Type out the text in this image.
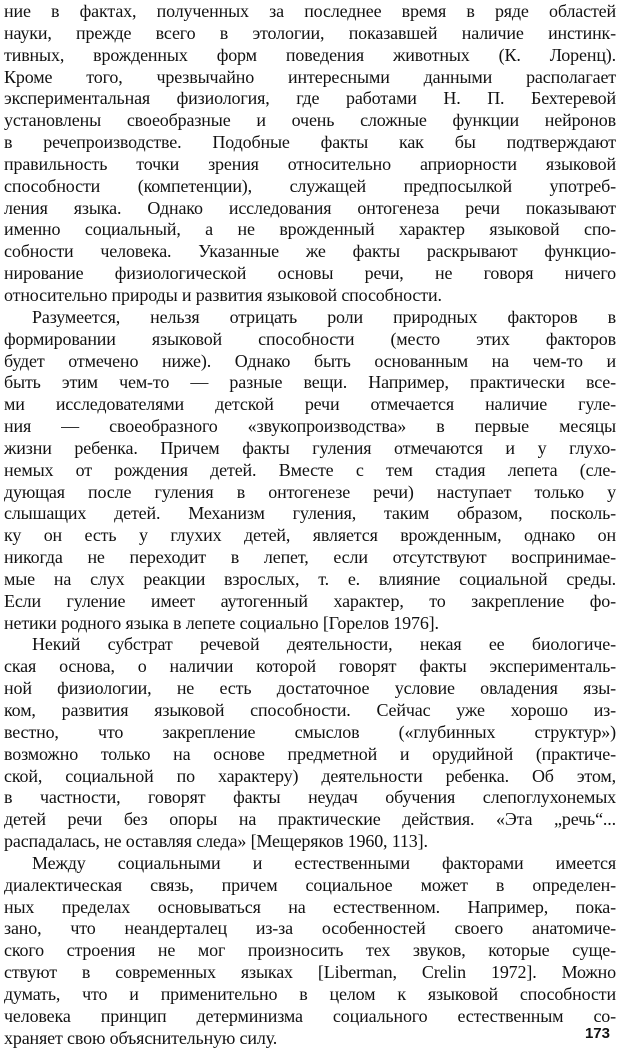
ние в фактах, полученных за последнее время в ряде областей
науки, прежде всего в этологии, показавшей наличие инстинк-
тивных, врожденных форм поведения животных (К. Лоренц).
Кроме того, чрезвычайно интересными данными располагает
экспериментальная физиология, где работами Н. П. Бехтеревой
установлены своеобразные и очень сложные функции нейронов
в речепроизводстве. Подобные факты как бы подтверждают
правильность точки зрения относительно априорности языковой
способности (компетенции), служащей предпосылкой употреб-
ления языка. Однако исследования онтогенеза речи показывают
именно социальный, а не врожденный характер языковой спо-
собности человека. Указанные же факты раскрывают функцио-
нирование физиологической основы речи, не говоря ничего
относительно природы и развития языковой способности.
Разумеется, нельзя отрицать роли природных факторов в
формировании языковой способности (место этих факторов
будет отмечено ниже). Однако быть основанным на чем-то и
быть этим чем-то — разные вещи. Например, практически все-
ми исследователями детской речи отмечается наличие гуле-
ния — своеобразного «звукопроизводства» в первые месяцы
жизни ребенка. Причем факты гуления отмечаются и у глухо-
немых от рождения детей. Вместе с тем стадия лепета (сле-
дующая после гуления в онтогенезе речи) наступает только у
слышащих детей. Механизм гуления, таким образом, посколь-
ку он есть у глухих детей, является врожденным, однако он
никогда не переходит в лепет, если отсутствуют воспринимае-
мые на слух реакции взрослых, т. е. влияние социальной среды.
Если гуление имеет аутогенный характер, то закрепление фо-
нетики родного языка в лепете социально [Горелов 1976].
Некий субстрат речевой деятельности, некая ее биологиче-
ская основа, о наличии которой говорят факты эксперименталь-
ной физиологии, не есть достаточное условие овладения язы-
ком, развития языковой способности. Сейчас уже хорошо из-
вестно, что закрепление смыслов («глубинных структур»)
возможно только на основе предметной и орудийной (практиче-
ской, социальной по характеру) деятельности ребенка. Об этом,
в частности, говорят факты неудач обучения слепоглухонемых
детей речи без опоры на практические действия. «Эта „речь“...
распадалась, не оставляя следа» [Мещеряков 1960, 113].
Между социальными и естественными факторами имеется
диалектическая связь, причем социальное может в определен-
ных пределах основываться на естественном. Например, пока-
зано, что неандерталец из-за особенностей своего анатомиче-
ского строения не мог произносить тех звуков, которые суще-
ствуют в современных языках [Liberman, Crelin 1972]. Можно
думать, что и применительно в целом к языковой способности
человека принцип детерминизма социального естественным со-
храняет свою объяснительную силу.	173
